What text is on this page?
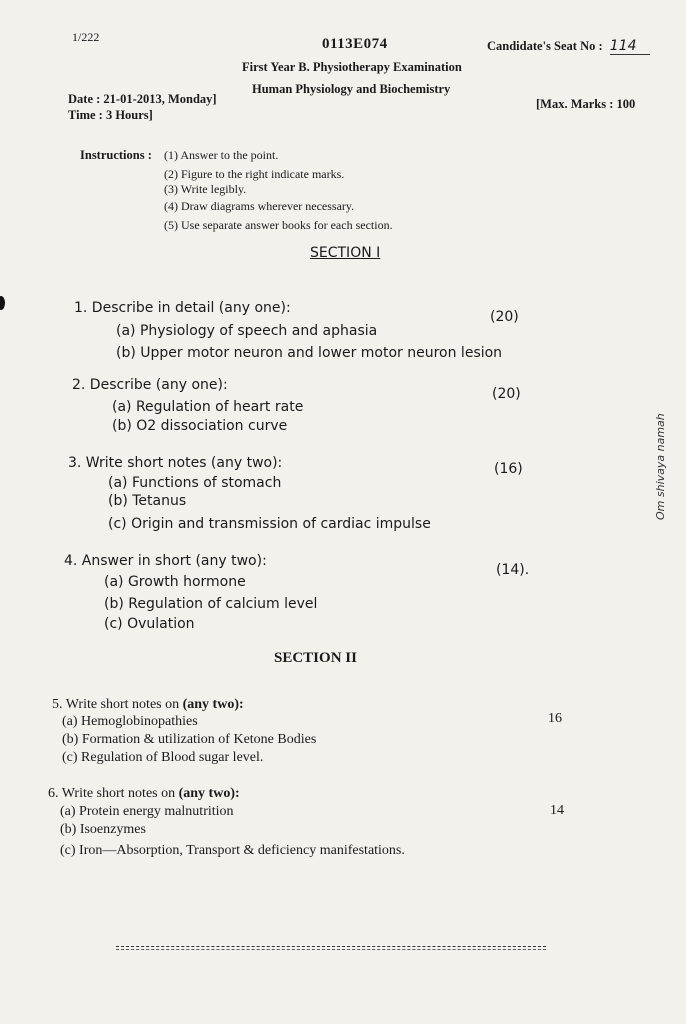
1/222	0113E074	Candidate's Seat No : 114
First Year B. Physiotherapy Examination
Human Physiology and Biochemistry
Date : 21-01-2013, Monday]
Time : 3 Hours]
[Max. Marks : 100
Instructions : (1) Answer to the point.
(2) Figure to the right indicate marks.
(3) Write legibly.
(4) Draw diagrams wherever necessary.
(5) Use separate answer books for each section.
SECTION I
1. Describe in detail (any one):
(20)
(a) Physiology of speech and aphasia
(b) Upper motor neuron and lower motor neuron lesion
2. Describe (any one):
(20)
(a) Regulation of heart rate
(b) O2 dissociation curve
3. Write short notes (any two):	(16)
(a) Functions of stomach
(b) Tetanus
(c) Origin and transmission of cardiac impulse
4. Answer in short (any two):
(14).
(a) Growth hormone
(b) Regulation of calcium level
(c) Ovulation
SECTION II
5. Write short notes on (any two):
16
(a) Hemoglobinopathies
(b) Formation & utilization of Ketone Bodies
(c) Regulation of Blood sugar level.
6. Write short notes on (any two):
14
(a) Protein energy malnutrition
(b) Isoenzymes
(c) Iron—Absorption, Transport & deficiency manifestations.
Om shivaya namah
